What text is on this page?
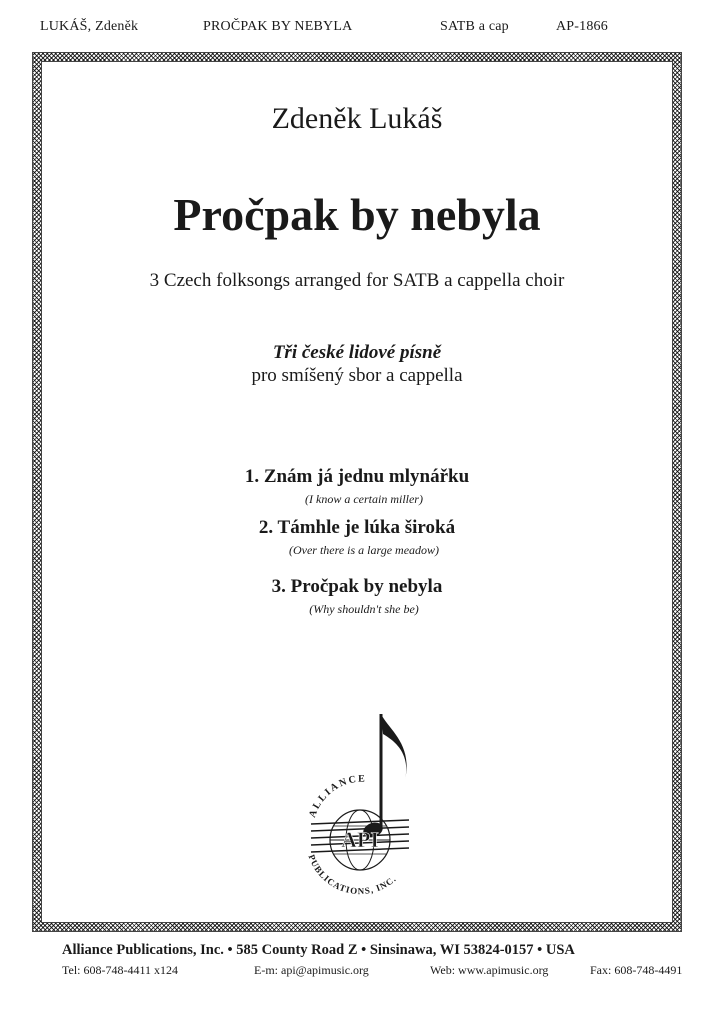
LUKÁŠ, Zdeněk	PROČPAK BY NEBYLA	SATB a cap	AP-1866
Zdeněk Lukáš
Pročpak by nebyla
3 Czech folksongs arranged for SATB a cappella choir
Tři české lidové písně
pro smíšený sbor a cappella
1. Znám já jednu mlynářku
(I know a certain miller)
2. Támhle je lúka široká
(Over there is a large meadow)
3. Pročpak by nebyla
(Why shouldn't she be)
API
ALLIANCE
PUBLICATIONS, INC.
Alliance Publications, Inc. • 585 County Road Z • Sinsinawa, WI 53824-0157 • USA
Tel: 608-748-4411 x124	E-m: api@apimusic.org	Web: www.apimusic.org	Fax: 608-748-4491
